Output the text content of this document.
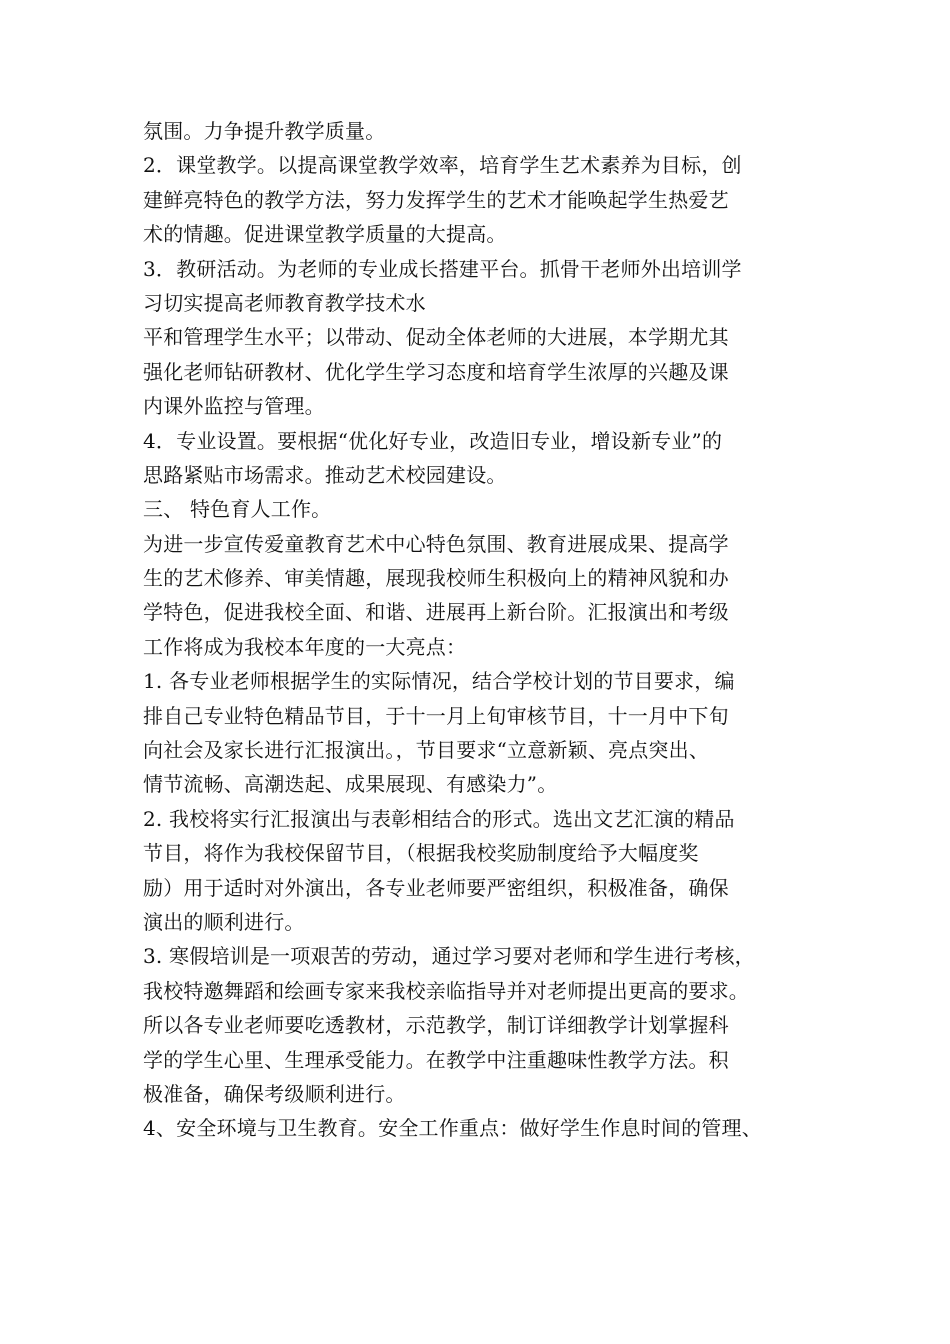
氛围。力争提升教学质量。
2．课堂教学。以提高课堂教学效率，培育学生艺术素养为目标，创
建鲜亮特色的教学方法，努力发挥学生的艺术才能唤起学生热爱艺
术的情趣。促进课堂教学质量的大提高。
3．教研活动。为老师的专业成长搭建平台。抓骨干老师外出培训学
习切实提高老师教育教学技术水
平和管理学生水平；以带动、促动全体老师的大进展，本学期尤其
强化老师钻研教材、优化学生学习态度和培育学生浓厚的兴趣及课
内课外监控与管理。
4．专业设置。要根据“优化好专业，改造旧专业，增设新专业”的
思路紧贴市场需求。推动艺术校园建设。
三、 特色育人工作。
为进一步宣传爱童教育艺术中心特色氛围、教育进展成果、提高学
生的艺术修养、审美情趣，展现我校师生积极向上的精神风貌和办
学特色，促进我校全面、和谐、进展再上新台阶。汇报演出和考级
工作将成为我校本年度的一大亮点：
1. 各专业老师根据学生的实际情况，结合学校计划的节目要求，编
排自己专业特色精品节目，于十一月上旬审核节目，十一月中下旬
向社会及家长进行汇报演出。，节目要求“立意新颖、亮点突出、
情节流畅、高潮迭起、成果展现、有感染力”。
2. 我校将实行汇报演出与表彰相结合的形式。选出文艺汇演的精品
节目，将作为我校保留节目，（根据我校奖励制度给予大幅度奖
励）用于适时对外演出，各专业老师要严密组织，积极准备，确保
演出的顺利进行。
3. 寒假培训是一项艰苦的劳动，通过学习要对老师和学生进行考核，
我校特邀舞蹈和绘画专家来我校亲临指导并对老师提出更高的要求。
所以各专业老师要吃透教材，示范教学，制订详细教学计划掌握科
学的学生心里、生理承受能力。在教学中注重趣味性教学方法。积
极准备，确保考级顺利进行。
4、安全环境与卫生教育。安全工作重点：做好学生作息时间的管理、
